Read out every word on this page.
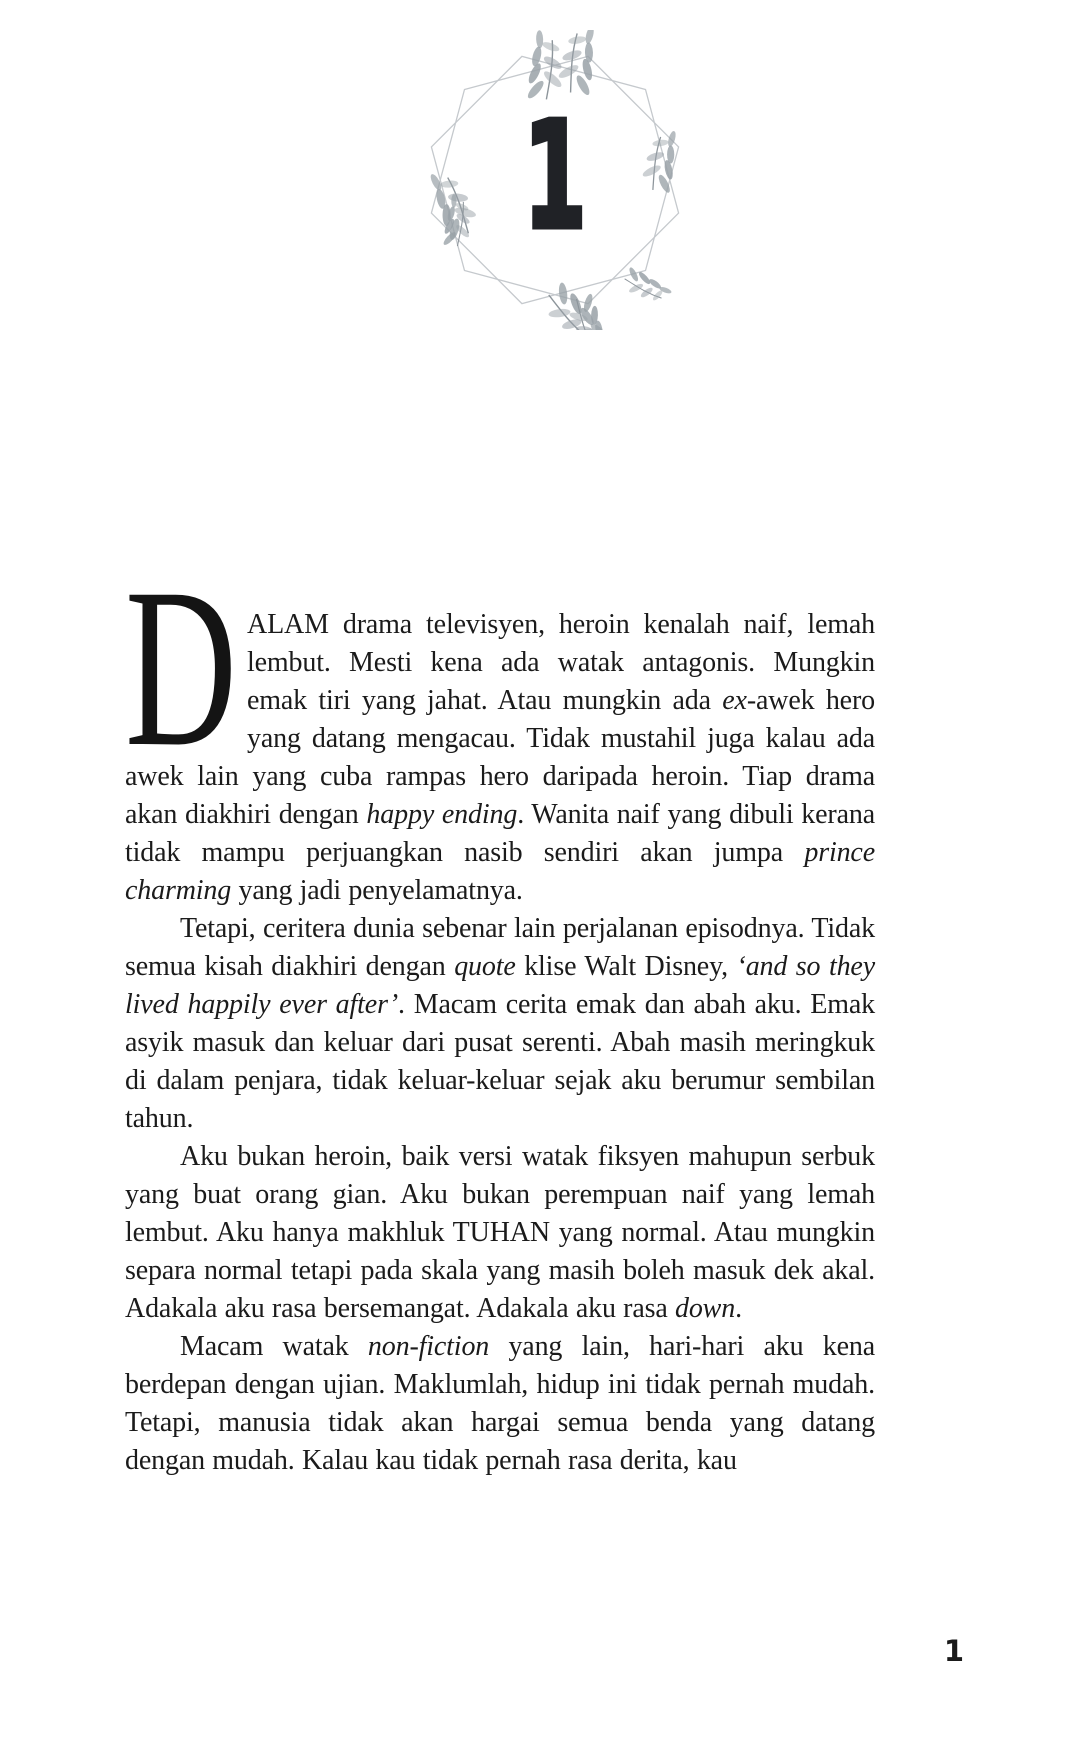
1

D ALAM drama televisyen, heroin kenalah naif, lemah lembut. Mesti kena ada watak antagonis. Mungkin emak tiri yang jahat. Atau mungkin ada ex-awek hero yang datang mengacau. Tidak mustahil juga kalau ada awek lain yang cuba rampas hero daripada heroin. Tiap drama akan diakhiri dengan happy ending. Wanita naif yang dibuli kerana tidak mampu perjuangkan nasib sendiri akan jumpa prince charming yang jadi penyelamatnya.

Tetapi, ceritera dunia sebenar lain perjalanan episodnya. Tidak semua kisah diakhiri dengan quote klise Walt Disney, ‘and so they lived happily ever after’. Macam cerita emak dan abah aku. Emak asyik masuk dan keluar dari pusat serenti. Abah masih meringkuk di dalam penjara, tidak keluar-keluar sejak aku berumur sembilan tahun.

Aku bukan heroin, baik versi watak fiksyen mahupun serbuk yang buat orang gian. Aku bukan perempuan naif yang lemah lembut. Aku hanya makhluk TUHAN yang normal. Atau mungkin separa normal tetapi pada skala yang masih boleh masuk dek akal. Adakala aku rasa bersemangat. Adakala aku rasa down.

Macam watak non-fiction yang lain, hari-hari aku kena berdepan dengan ujian. Maklumlah, hidup ini tidak pernah mudah. Tetapi, manusia tidak akan hargai semua benda yang datang dengan mudah. Kalau kau tidak pernah rasa derita, kau

1
